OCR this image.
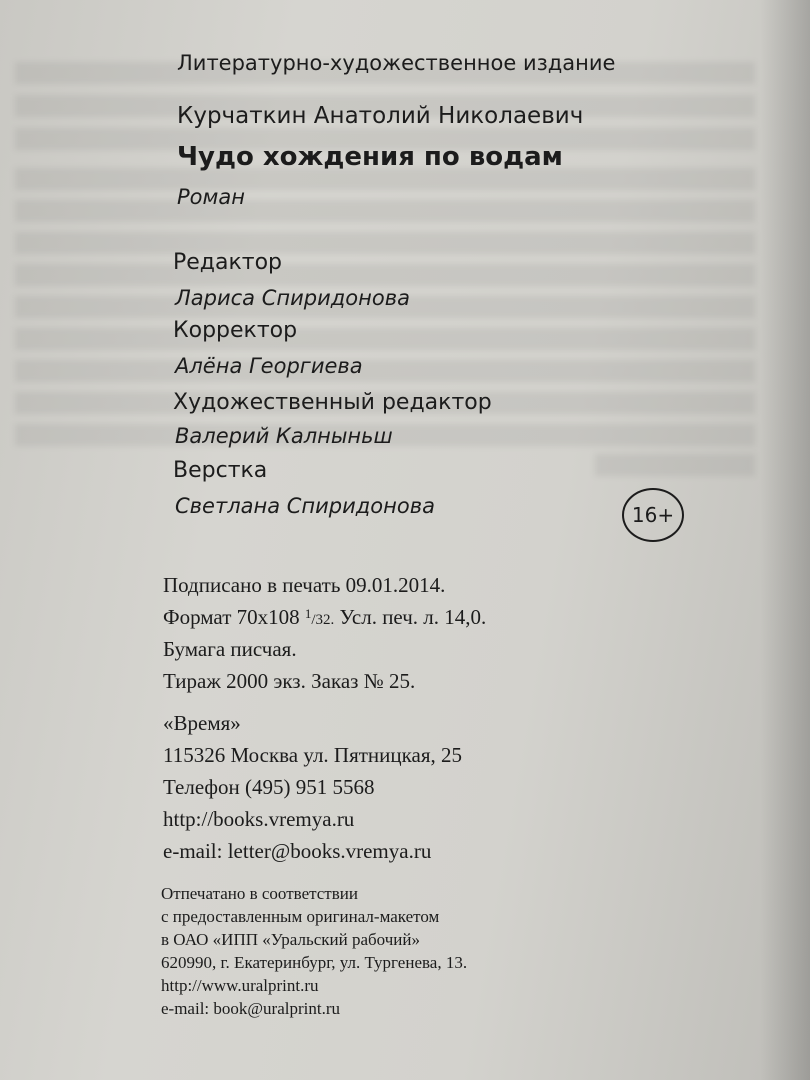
Литературно-художественное издание
Курчаткин Анатолий Николаевич
Чудо хождения по водам
Роман
Редактор
Лариса Спиридонова
Корректор
Алёна Георгиева
Художественный редактор
Валерий Калныньш
Верстка
Светлана Спиридонова	16+
Подписано в печать 09.01.2014.
Формат 70х108 $^1$/32. Усл. печ. л. 14,0.
Бумага писчая.
Тираж 2000 экз. Заказ № 25.
«Время»
115326 Москва ул. Пятницкая, 25
Телефон (495) 951 5568
http://books.vremya.ru
e-mail: letter@books.vremya.ru
Отпечатано в соответствии
с предоставленным оригинал-макетом
в ОАО «ИПП «Уральский рабочий»
620990, г. Екатеринбург, ул. Тургенева, 13.
http://www.uralprint.ru
e-mail: book@uralprint.ru
